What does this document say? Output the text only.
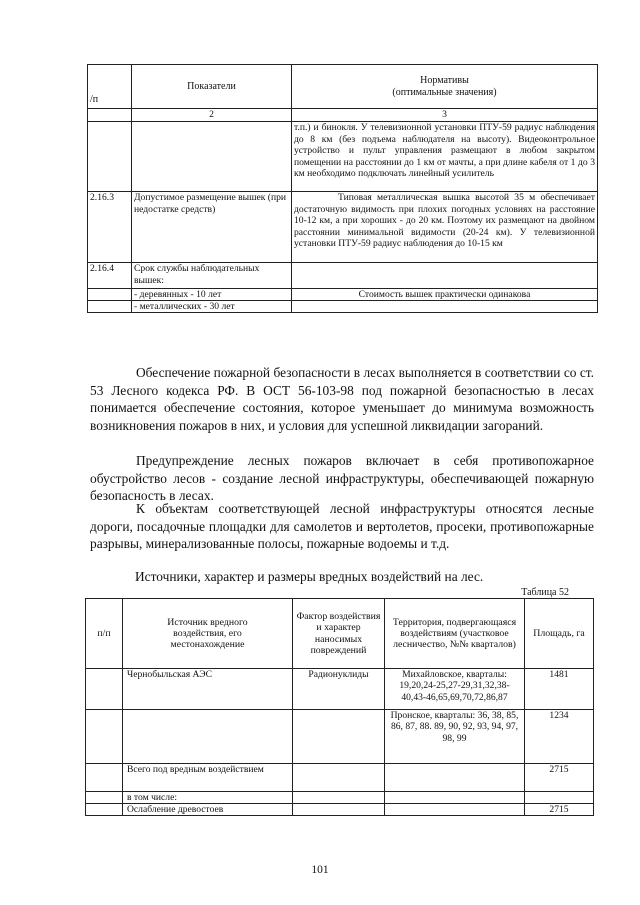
/п	Показатели	Нормативы
(оптимальные значения)

	2	3
		т.п.) и бинокля. У телевизионной установки ПТУ-59 радиус наблюдения до 8 км (без подъема наблюдателя на высоту). Видеоконтрольное устройство и пульт управления размещают в любом закрытом помещении на расстоянии до 1 км от мачты, а при длине кабеля от 1 до 3 км необходимо подключать линейный усилитель
2.16.3	Допустимое размещение вышек (при недостатке средств)	Типовая металлическая вышка высотой 35 м обеспечивает достаточную видимость при плохих погодных условиях на расстояние 10-12 км, а при хороших - до 20 км. Поэтому их размещают на двойном расстоянии минимальной видимости (20-24 км). У телевизионной установки ПТУ-59 радиус наблюдения до 10-15 км
2.16.4	Срок службы наблюдательных вышек:	
	- деревянных - 10 лет	Стоимость вышек практически одинакова
	- металлических - 30 лет	
Обеспечение пожарной безопасности в лесах выполняется в соответствии со ст. 53 Лесного кодекса РФ. В ОСТ 56-103-98 под пожарной безопасностью в лесах понимается обеспечение состояния, которое уменьшает до минимума возможность возникновения пожаров в них, и условия для успешной ликвидации загораний.
Предупреждение лесных пожаров включает в себя противопожарное обустройство лесов - создание лесной инфраструктуры, обеспечивающей пожарную безопасность в лесах.
К объектам соответствующей лесной инфраструктуры относятся лесные дороги, посадочные площадки для самолетов и вертолетов, просеки, противопожарные разрывы, минерализованные полосы, пожарные водоемы и т.д.
Источники, характер и размеры вредных воздействий на лес.
Таблица 52
п/п	Источник вредного воздействия, его местонахождение	Фактор воздействия и характер наносимых повреждений	Территория, подвергающаяся воздействиям (участковое лесничество, №№ кварталов)	Площадь, га
	Чернобыльская АЭС	Радионуклиды	Михайловское, кварталы: 19,20,24-25,27-29,31,32,38-40,43-46,65,69,70,72,86,87	1481
			Пронское, кварталы: 36, 38, 85, 86, 87, 88. 89, 90, 92, 93, 94, 97, 98, 99	1234
	Всего под вредным воздействием			2715
	в том числе:			
	Ослабление древостоев			2715
101
